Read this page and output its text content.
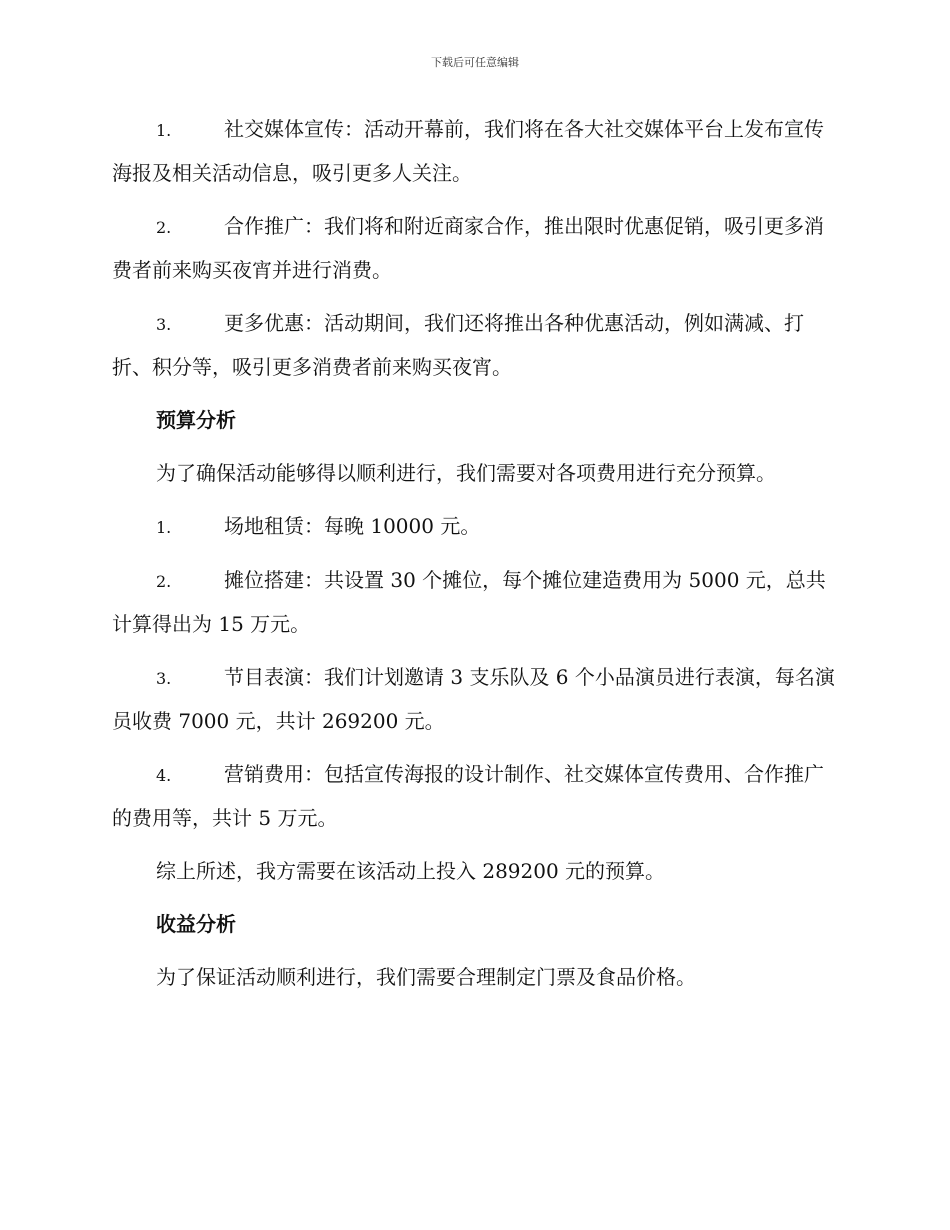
下载后可任意编辑

1.	社交媒体宣传：活动开幕前，我们将在各大社交媒体平台上发布宣传海报及相关活动信息，吸引更多人关注。

2.	合作推广：我们将和附近商家合作，推出限时优惠促销，吸引更多消费者前来购买夜宵并进行消费。

3.	更多优惠：活动期间，我们还将推出各种优惠活动，例如满减、打折、积分等，吸引更多消费者前来购买夜宵。

预算分析

为了确保活动能够得以顺利进行，我们需要对各项费用进行充分预算。

1.	场地租赁：每晚 10000 元。

2.	摊位搭建：共设置 30 个摊位，每个摊位建造费用为 5000 元，总共计算得出为 15 万元。

3.	节目表演：我们计划邀请 3 支乐队及 6 个小品演员进行表演，每名演员收费 7000 元，共计 269200 元。

4.	营销费用：包括宣传海报的设计制作、社交媒体宣传费用、合作推广的费用等，共计 5 万元。

综上所述，我方需要在该活动上投入 289200 元的预算。

收益分析

为了保证活动顺利进行，我们需要合理制定门票及食品价格。
